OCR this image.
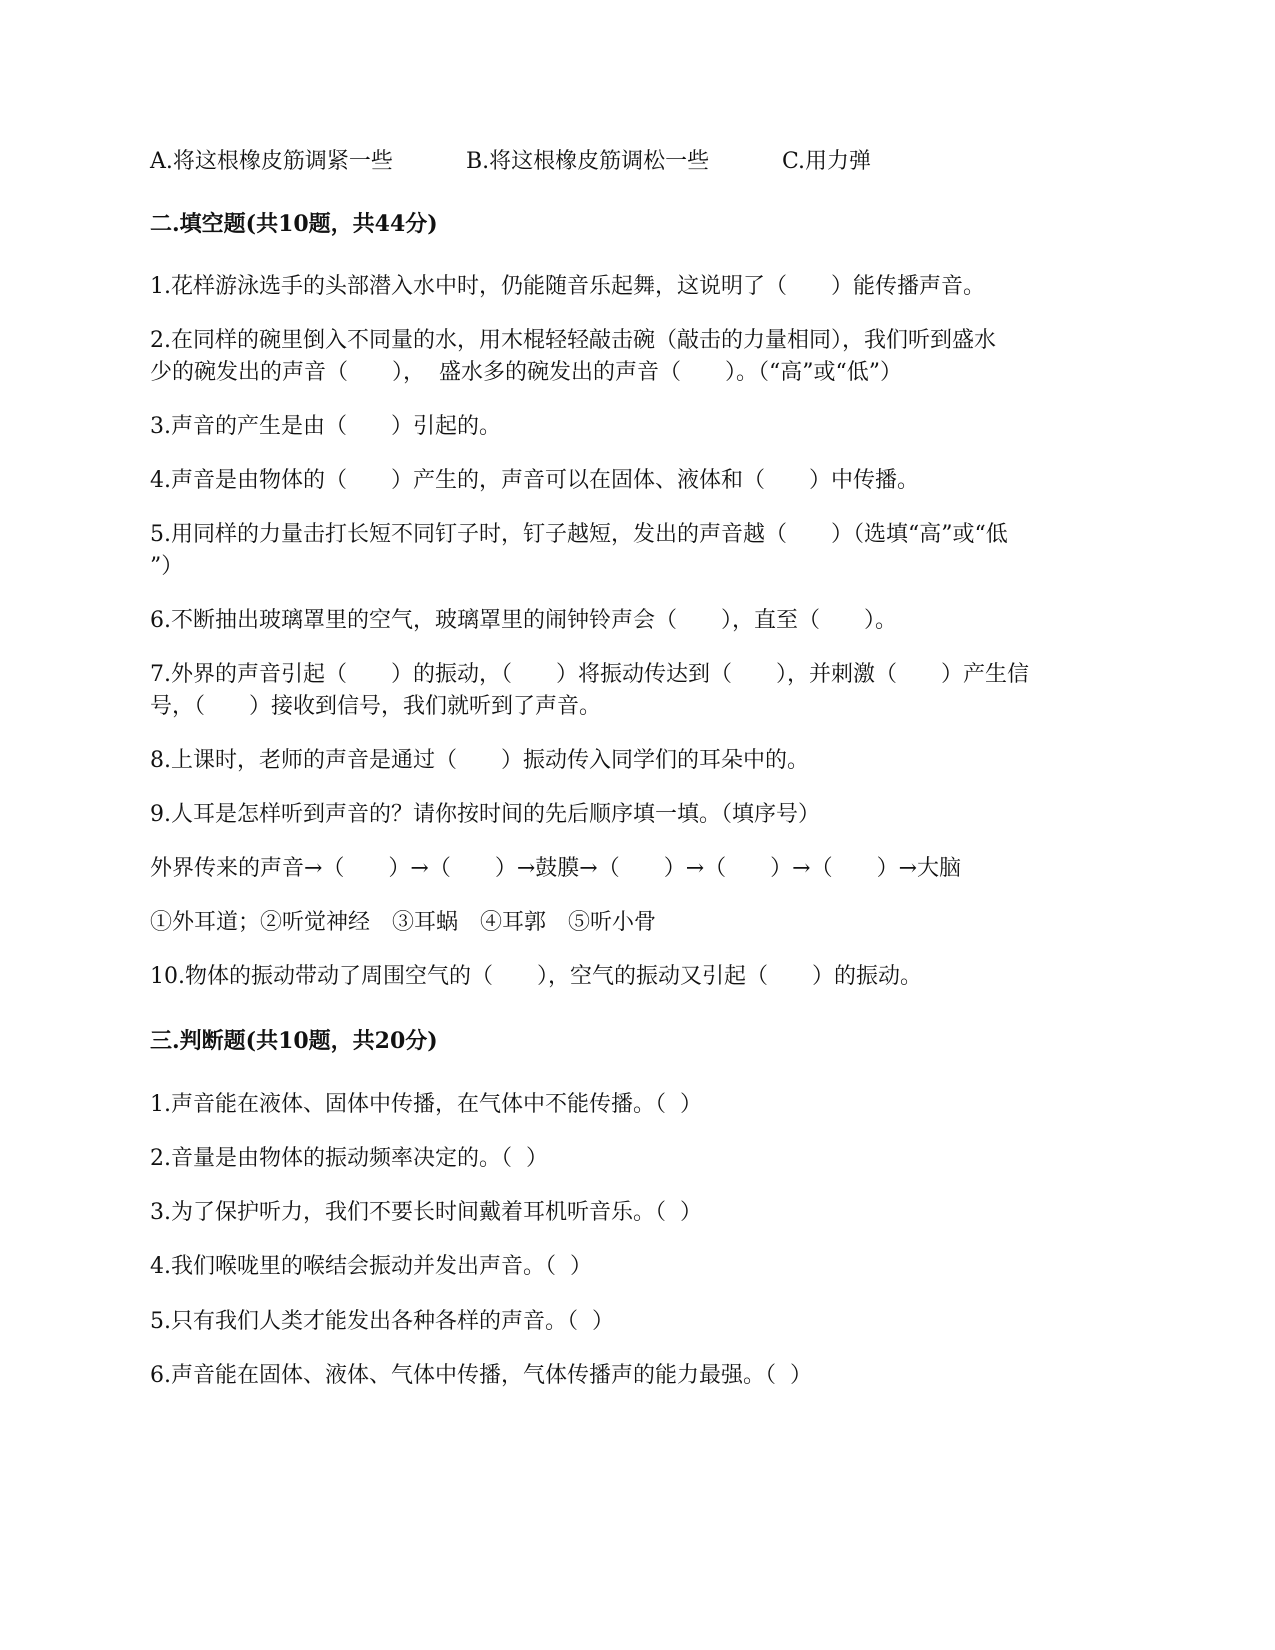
A.将这根橡皮筋调紧一些	B.将这根橡皮筋调松一些	C.用力弹
二.填空题(共10题，共44分)
1.花样游泳选手的头部潜入水中时，仍能随音乐起舞，这说明了（　　）能传播声音。
2.在同样的碗里倒入不同量的水，用木棍轻轻敲击碗（敲击的力量相同），我们听到盛水
少的碗发出的声音（　　），  盛水多的碗发出的声音（　　）。（“高”或“低”）
3.声音的产生是由（　　）引起的。
4.声音是由物体的（　　）产生的，声音可以在固体、液体和（　　）中传播。
5.用同样的力量击打长短不同钉子时，钉子越短，发出的声音越（　　）（选填“高”或“低
”）
6.不断抽出玻璃罩里的空气，玻璃罩里的闹钟铃声会（　　），直至（　　）。
7.外界的声音引起（　　）的振动，（　　）将振动传达到（　　），并刺激（　　）产生信
号，（　　）接收到信号，我们就听到了声音。
8.上课时，老师的声音是通过（　　）振动传入同学们的耳朵中的。
9.人耳是怎样听到声音的？请你按时间的先后顺序填一填。（填序号）
外界传来的声音→（　　）→（　　）→鼓膜→（　　）→（　　）→（　　）→大脑
①外耳道；②听觉神经　③耳蜗　④耳郭　⑤听小骨
10.物体的振动带动了周围空气的（　　），空气的振动又引起（　　）的振动。
三.判断题(共10题，共20分)
1.声音能在液体、固体中传播，在气体中不能传播。（  ）
2.音量是由物体的振动频率决定的。（  ）
3.为了保护听力，我们不要长时间戴着耳机听音乐。（  ）
4.我们喉咙里的喉结会振动并发出声音。（  ）
5.只有我们人类才能发出各种各样的声音。（  ）
6.声音能在固体、液体、气体中传播，气体传播声的能力最强。（  ）
